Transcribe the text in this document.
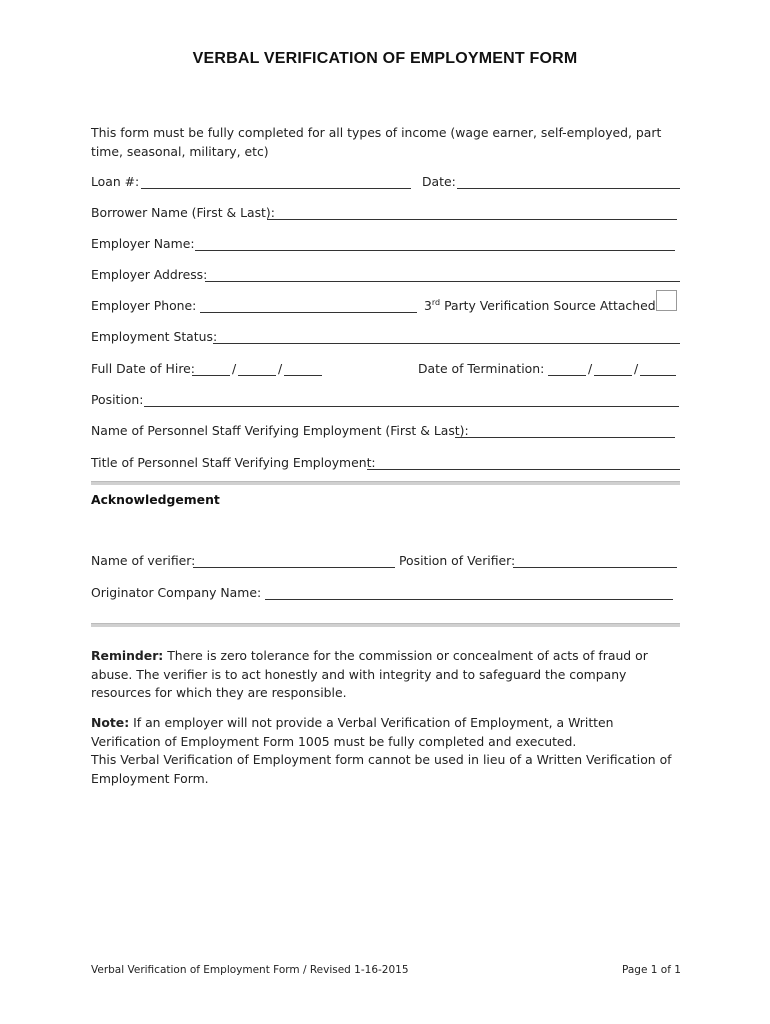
VERBAL VERIFICATION OF EMPLOYMENT FORM
This form must be fully completed for all types of income (wage earner, self-employed, part time, seasonal, military, etc)
Loan #:	Date:
Borrower Name (First & Last):
Employer Name:
Employer Address:
Employer Phone:	3rd Party Verification Source Attached
Employment Status:
Full Date of Hire:	/	/	Date of Termination:	/	/
Position:
Name of Personnel Staff Verifying Employment (First & Last):
Title of Personnel Staff Verifying Employment:
Acknowledgement
Name of verifier:	Position of Verifier:
Originator Company Name:
Reminder: There is zero tolerance for the commission or concealment of acts of fraud or abuse. The verifier is to act honestly and with integrity and to safeguard the company resources for which they are responsible.
Note: If an employer will not provide a Verbal Verification of Employment, a Written Verification of Employment Form 1005 must be fully completed and executed.
This Verbal Verification of Employment form cannot be used in lieu of a Written Verification of Employment Form.
Verbal Verification of Employment Form / Revised 1-16-2015	Page 1 of 1
